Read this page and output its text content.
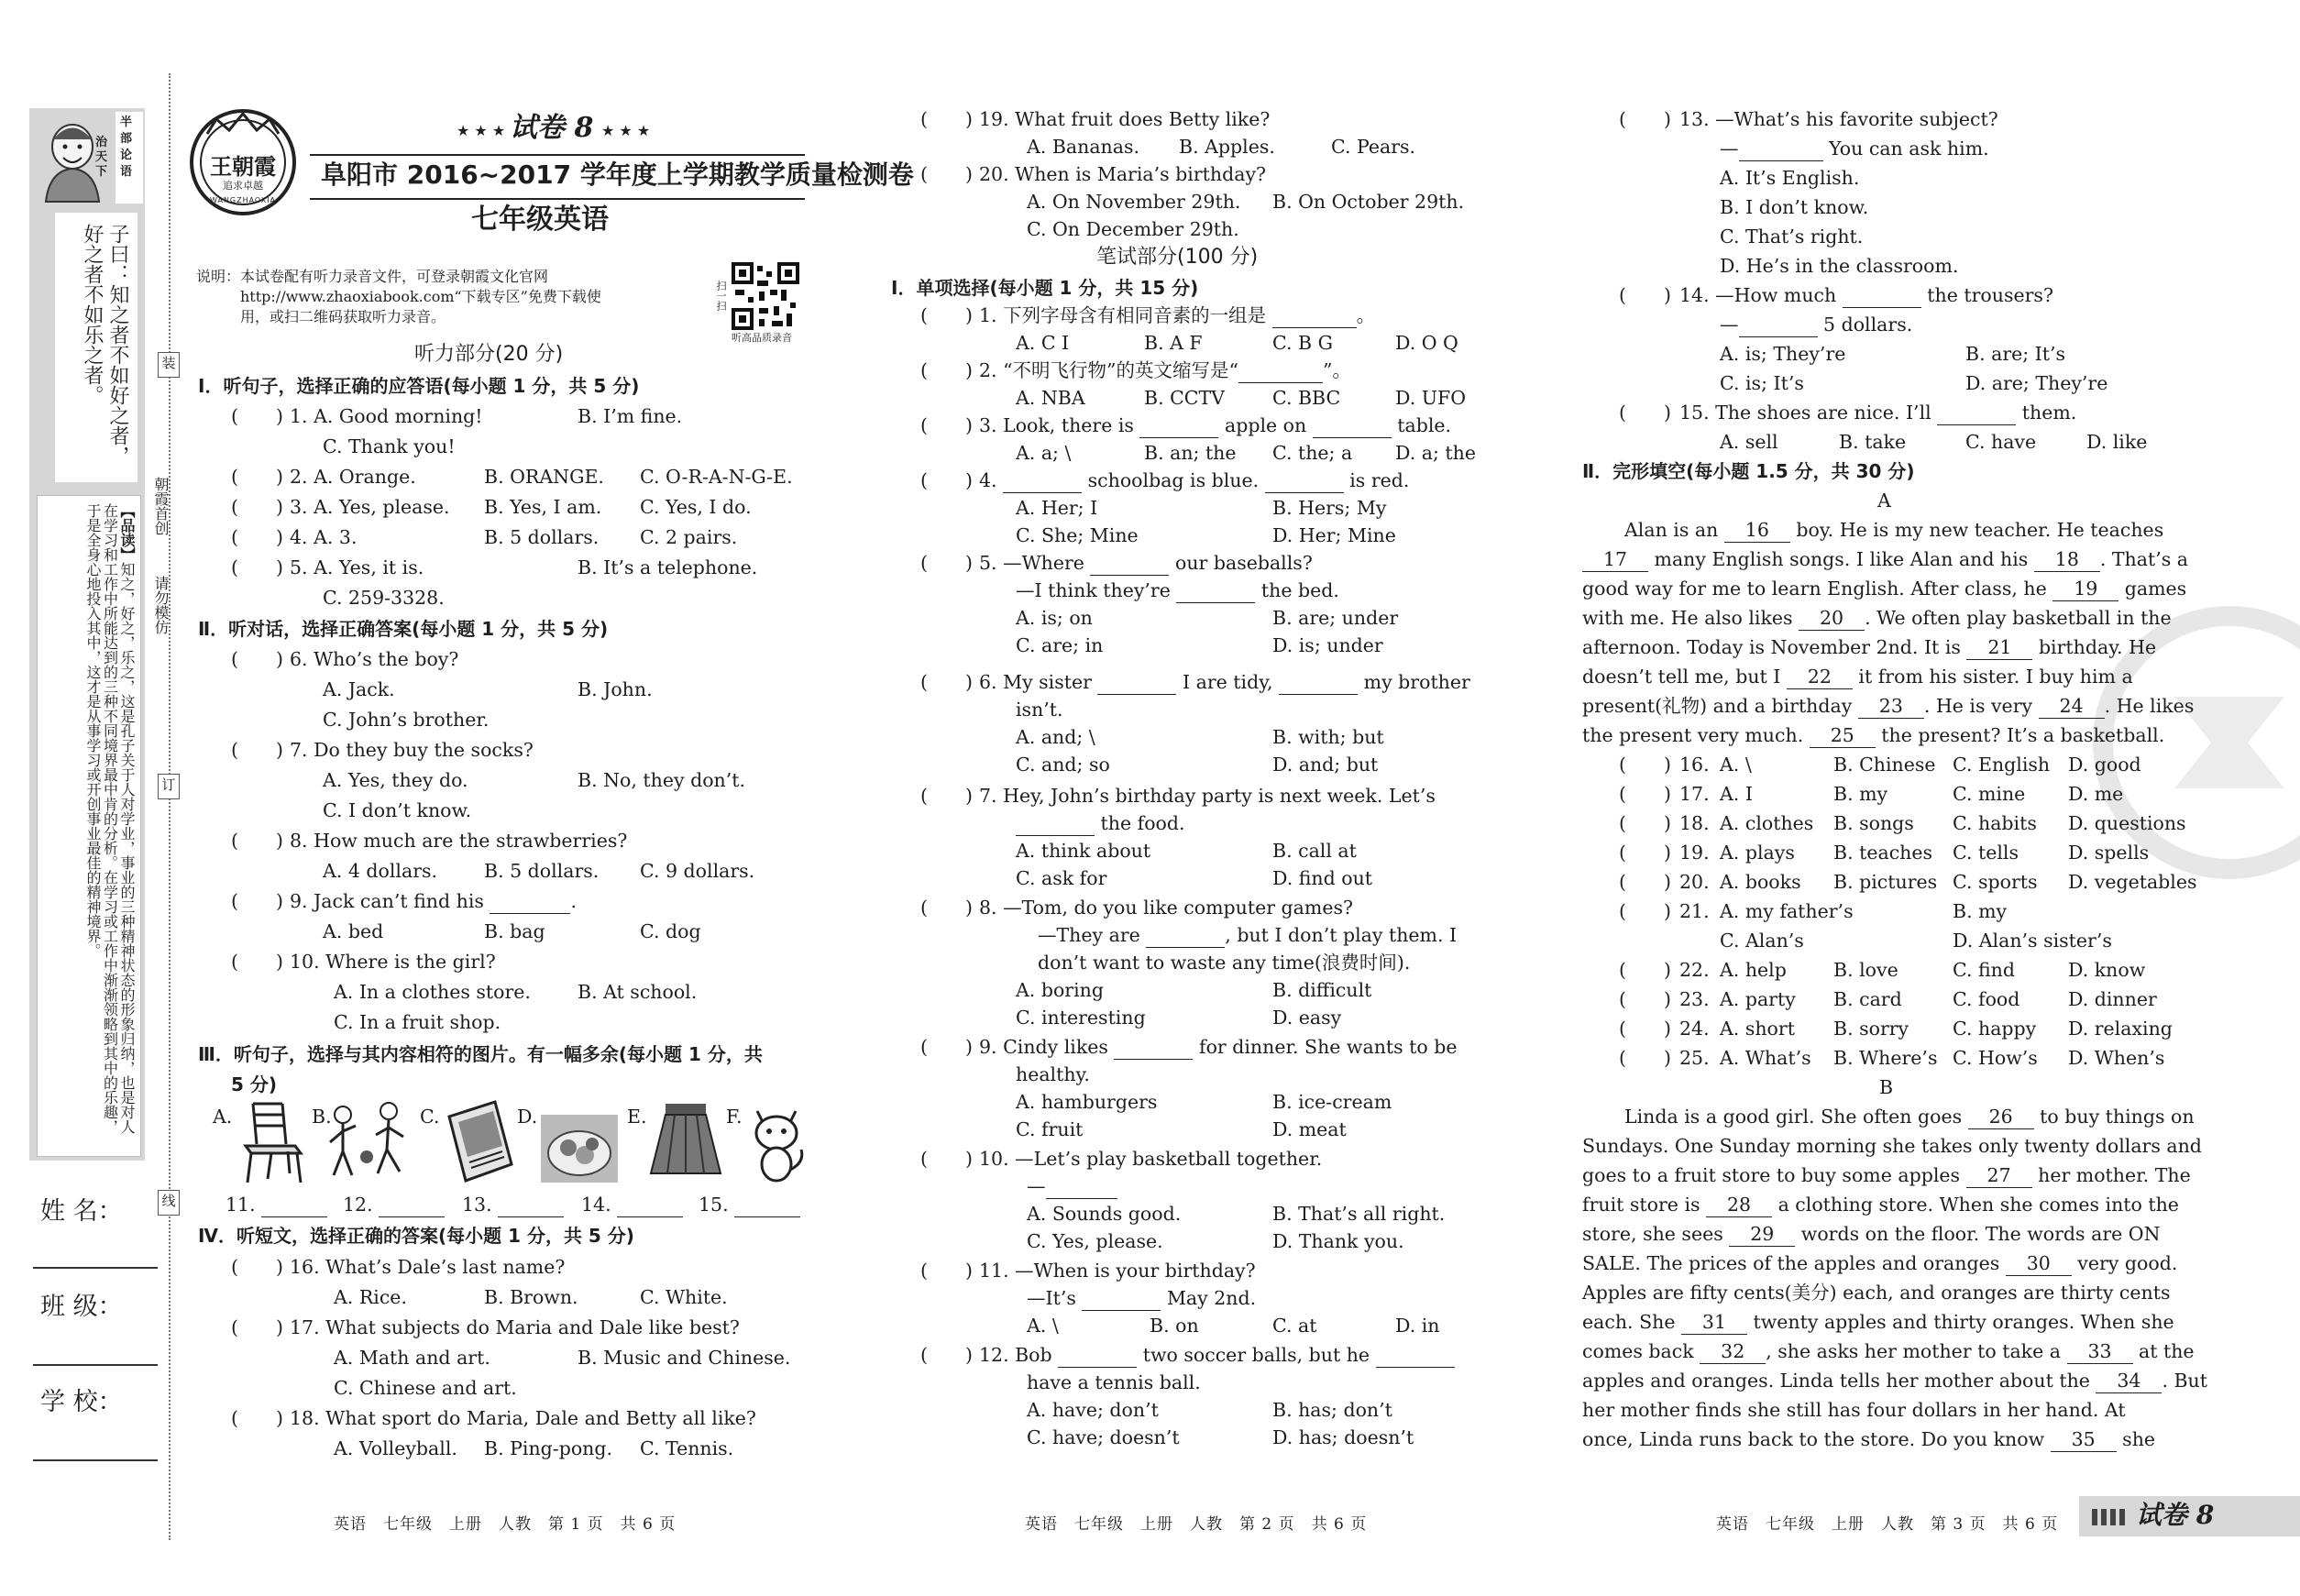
半
部
论
语
治
天
下
子曰：知之者不如好之者，好之者不如乐之者。
【品读】知之，好之，乐之，这是孔子关于人对学业，事业的三种精神状态的形象归纳，也是对人在学习和工作中所能达到的三种不同境界最中肯的分析。在学习或工作中渐渐领略到其中的乐趣，于是全身心地投入其中，这才是从事学习或开创事业最佳的精神境界。
装
订
线
朝霞首创
请勿模仿
姓 名：
班 级：
学 校：
王朝霞
追求卓越
WANGZHAOXIA
★ ★ ★ 试卷 8 ★ ★ ★
阜阳市 2016~2017 学年度上学期教学质量检测卷
七年级英语
说明：本试卷配有听力录音文件，可登录朝霞文化官网
http://www.zhaoxiabook.com“下载专区”免费下载使
用，或扫二维码获取听力录音。
扫一扫
听高品质录音
听力部分(20 分)
Ⅰ．听句子，选择正确的应答语(每小题 1 分，共 5 分)
(　　) 1. A. Good morning!	B. I’m fine.
C. Thank you!
(　　) 2. A. Orange.	B. ORANGE. C. O-R-A-N-G-E.
(　　) 3. A. Yes, please. B. Yes, I am. C. Yes, I do.
(　　) 4. A. 3.	B. 5 dollars. C. 2 pairs.
(　　) 5. A. Yes, it is.	B. It’s a telephone.
C. 259-3328.
Ⅱ．听对话，选择正确答案(每小题 1 分，共 5 分)
(　　) 6. Who’s the boy?
A. Jack.	B. John.
C. John’s brother.
(　　) 7. Do they buy the socks?
A. Yes, they do.	B. No, they don’t.
C. I don’t know.
(　　) 8. How much are the strawberries?
A. 4 dollars. B. 5 dollars. C. 9 dollars.
(　　) 9. Jack can’t find his	.
A. bed	B. bag	C. dog
(　　) 10. Where is the girl?
A. In a clothes store. B. At school.
C. In a fruit shop.
Ⅲ．听句子，选择与其内容相符的图片。有一幅多余(每小题 1 分，共
5 分)
A.	B.	C.	D.	E.	F.
11.	12.	13.	14.	15.
Ⅳ．听短文，选择正确的答案(每小题 1 分，共 5 分)
(　　) 16. What’s Dale’s last name?
A. Rice.	B. Brown.	C. White.
(　　) 17. What subjects do Maria and Dale like best?
A. Math and art.	B. Music and Chinese.
C. Chinese and art.
(　　) 18. What sport do Maria, Dale and Betty all like?
A. Volleyball. B. Ping-pong. C. Tennis.
英语　七年级　上册　人教　第 1 页　共 6 页
(　　) 19. What fruit does Betty like?
A. Bananas. B. Apples.	C. Pears.
(　　) 20. When is Maria’s birthday?
A. On November 29th. B. On October 29th.
C. On December 29th.
笔试部分(100 分)
Ⅰ．单项选择(每小题 1 分，共 15 分)
(　　) 1. 下列字母含有相同音素的一组是	。
A. C I	B. A F	C. B G	D. O Q
(　　) 2. “不明飞行物”的英文缩写是“	”。
A. NBA	B. CCTV	C. BBC	D. UFO
(　　) 3. Look, there is	apple on	table.
A. a; \	B. an; the C. the; a D. a; the
(　　) 4.	schoolbag is blue.	is red.
A. Her; I	B. Hers; My
C. She; Mine	D. Her; Mine
(　　) 5. —Where	our baseballs?
—I think they’re	the bed.
A. is; on	B. are; under
C. are; in	D. is; under
(　　) 6. My sister	I are tidy,	my brother
isn’t.
A. and; \	B. with; but
C. and; so	D. and; but
(　　) 7. Hey, John’s birthday party is next week. Let’s
the food.
A. think about	B. call at
C. ask for	D. find out
(　　) 8. —Tom, do you like computer games?
—They are	, but I don’t play them. I
don’t want to waste any time(浪费时间).
A. boring	B. difficult
C. interesting	D. easy
(　　) 9. Cindy likes	for dinner. She wants to be
healthy.
A. hamburgers	B. ice-cream
C. fruit	D. meat
(　　) 10. —Let’s play basketball together.
—
A. Sounds good.	B. That’s all right.
C. Yes, please.	D. Thank you.
(　　) 11. —When is your birthday?
—It’s	May 2nd.
A. \	B. on	C. at	D. in
(　　) 12. Bob	two soccer balls, but he
have a tennis ball.
A. have; don’t	B. has; don’t
C. have; doesn’t	D. has; doesn’t
英语　七年级　上册　人教　第 2 页　共 6 页
(　　) 13. —What’s his favorite subject?
—	You can ask him.
A. It’s English.
B. I don’t know.
C. That’s right.
D. He’s in the classroom.
(　　) 14. —How much	the trousers?
—	5 dollars.
A. is; They’re	B. are; It’s
C. is; It’s	D. are; They’re
(　　) 15. The shoes are nice. I’ll	them.
A. sell	B. take	C. have	D. like
Ⅱ．完形填空(每小题 1.5 分，共 30 分)
A
Alan is an 16 boy. He is my new teacher. He teaches
17 many English songs. I like Alan and his 18 . That’s a
good way for me to learn English. After class, he 19 games
with me. He also likes 20 . We often play basketball in the
afternoon. Today is November 2nd. It is 21 birthday. He
doesn’t tell me, but I 22 it from his sister. I buy him a
present(礼物) and a birthday 23 . He is very 24 . He likes
the present very much. 25 the present? It’s a basketball.
(　　) 16. A. \	B. Chinese C. English D. good
(　　) 17. A. I	B. my	C. mine D. me
(　　) 18. A. clothes B. songs C. habits D. questions
(　　) 19. A. plays B. teaches C. tells	D. spells
(　　) 20. A. books B. pictures C. sports D. vegetables
(　　) 21. A. my father’s	B. my
C. Alan’s	D. Alan’s sister’s
(　　) 22. A. help B. love	C. find	D. know
(　　) 23. A. party B. card	C. food	D. dinner
(　　) 24. A. short B. sorry C. happy D. relaxing
(　　) 25. A. What’s B. Where’s C. How’s D. When’s
B
Linda is a good girl. She often goes 26 to buy things on
Sundays. One Sunday morning she takes only twenty dollars and
goes to a fruit store to buy some apples 27 her mother. The
fruit store is 28 a clothing store. When she comes into the
store, she sees 29 words on the floor. The words are ON
SALE. The prices of the apples and oranges 30 very good.
Apples are fifty cents(美分) each, and oranges are thirty cents
each. She 31 twenty apples and thirty oranges. When she
comes back 32 , she asks her mother to take a 33 at the
apples and oranges. Linda tells her mother about the 34 . But
her mother finds she still has four dollars in her hand. At
once, Linda runs back to the store. Do you know 35 she
英语　七年级　上册　人教　第 3 页　共 6 页	试卷 8
